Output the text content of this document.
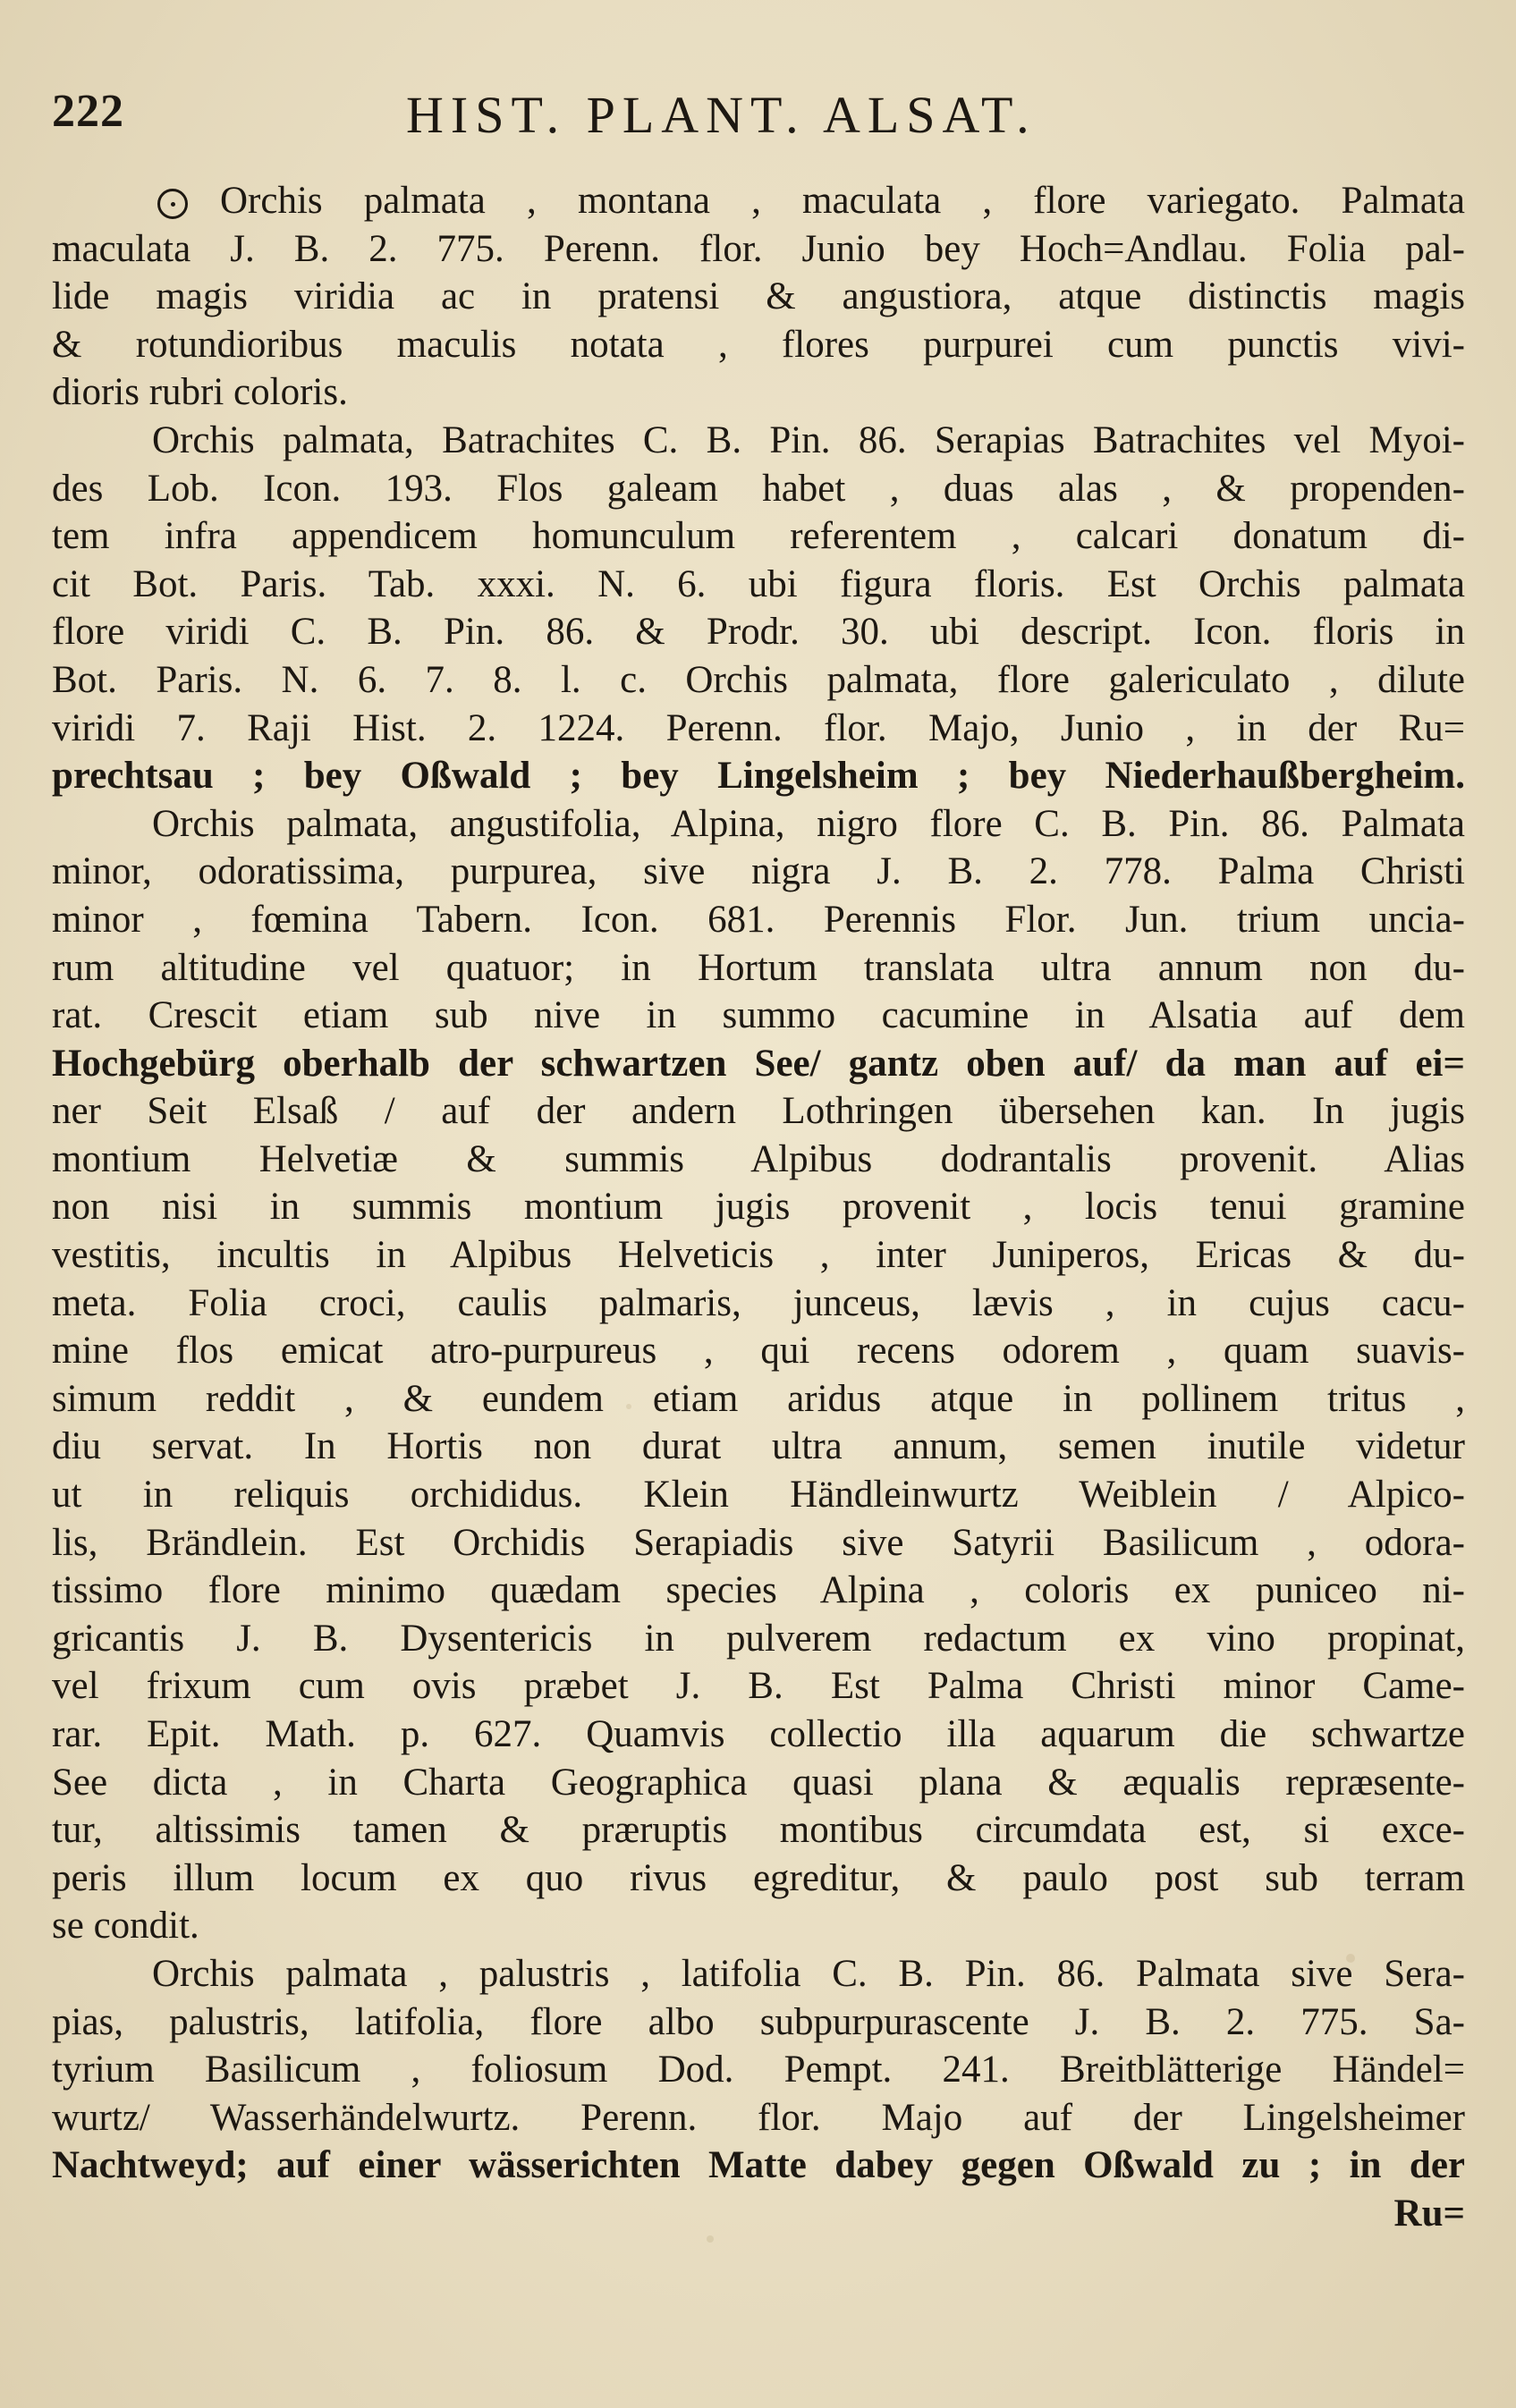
222	HIST. PLANT. ALSAT.
Orchis palmata , montana , maculata , flore variegato. Palmata
maculata J. B. 2. 775. Perenn. flor. Junio bey Hoch=Andlau. Folia pal-
lide magis viridia ac in pratensi & angustiora, atque distinctis magis
& rotundioribus maculis notata , flores purpurei cum punctis vivi-
dioris rubri coloris.
Orchis palmata, Batrachites C. B. Pin. 86. Serapias Batrachites vel Myoi-
des Lob. Icon. 193. Flos galeam habet , duas alas , & propenden-
tem infra appendicem homunculum referentem , calcari donatum di-
cit Bot. Paris. Tab. xxxi. N. 6. ubi figura floris. Est Orchis palmata
flore viridi C. B. Pin. 86. & Prodr. 30. ubi descript. Icon. floris in
Bot. Paris. N. 6. 7. 8. l. c. Orchis palmata, flore galericulato , dilute
viridi 7. Raji Hist. 2. 1224. Perenn. flor. Majo, Junio , in der Ru=
prechtsau ; bey Oßwald ; bey Lingelsheim ; bey Niederhaußbergheim.
Orchis palmata, angustifolia, Alpina, nigro flore C. B. Pin. 86. Palmata
minor, odoratissima, purpurea, sive nigra J. B. 2. 778. Palma Christi
minor , fœmina Tabern. Icon. 681. Perennis Flor. Jun. trium uncia-
rum altitudine vel quatuor; in Hortum translata ultra annum non du-
rat. Crescit etiam sub nive in summo cacumine in Alsatia auf dem
Hochgebürg oberhalb der schwartzen See/ gantz oben auf/ da man auf ei=
ner Seit Elsaß / auf der andern Lothringen übersehen kan. In jugis
montium Helvetiæ & summis Alpibus dodrantalis provenit. Alias
non nisi in summis montium jugis provenit , locis tenui gramine
vestitis, incultis in Alpibus Helveticis , inter Juniperos, Ericas & du-
meta. Folia croci, caulis palmaris, junceus, lævis , in cujus cacu-
mine flos emicat atro-purpureus , qui recens odorem , quam suavis-
simum reddit , & eundem etiam aridus atque in pollinem tritus ,
diu servat. In Hortis non durat ultra annum, semen inutile videtur
ut in reliquis orchididus. Klein Händleinwurtz Weiblein / Alpico-
lis, Brändlein. Est Orchidis Serapiadis sive Satyrii Basilicum , odora-
tissimo flore minimo quædam species Alpina , coloris ex puniceo ni-
gricantis J. B. Dysentericis in pulverem redactum ex vino propinat,
vel frixum cum ovis præbet J. B. Est Palma Christi minor Came-
rar. Epit. Math. p. 627. Quamvis collectio illa aquarum die schwartze
See dicta , in Charta Geographica quasi plana & æqualis repræsente-
tur, altissimis tamen & præruptis montibus circumdata est, si exce-
peris illum locum ex quo rivus egreditur, & paulo post sub terram
se condit.
Orchis palmata , palustris , latifolia C. B. Pin. 86. Palmata sive Sera-
pias, palustris, latifolia, flore albo subpurpurascente J. B. 2. 775. Sa-
tyrium Basilicum , foliosum Dod. Pempt. 241. Breitblätterige Händel=
wurtz/ Wasserhändelwurtz. Perenn. flor. Majo auf der Lingelsheimer
Nachtweyd; auf einer wässerichten Matte dabey gegen Oßwald zu ; in der
Ru=
